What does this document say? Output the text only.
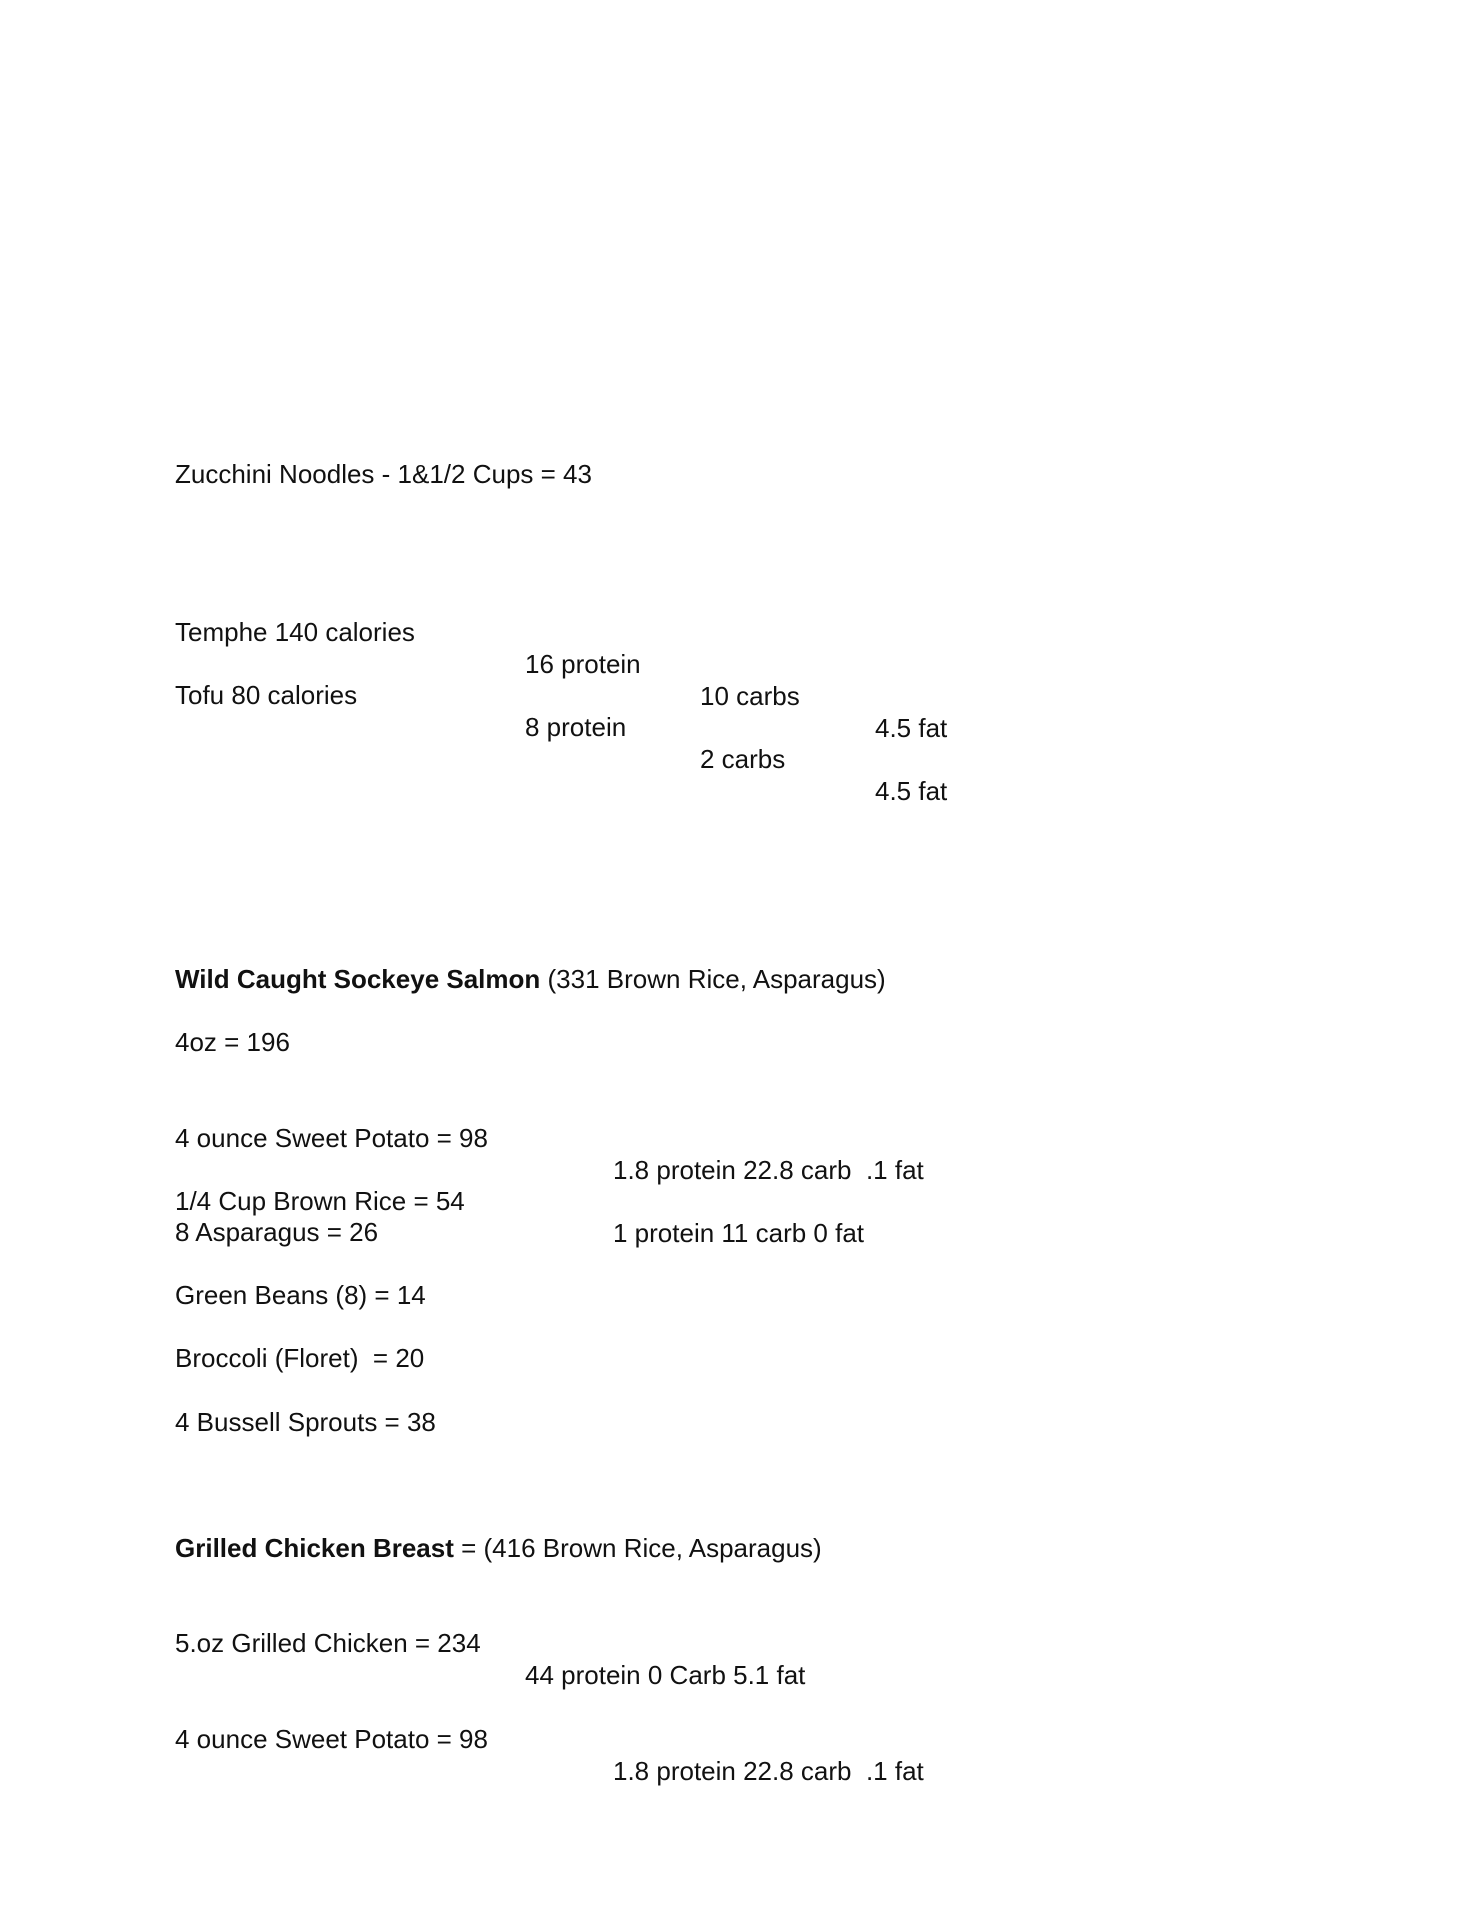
Zucchini Noodles - 1&1/2 Cups = 43

Temphe 140 calories

16 protein

10 carbs

4.5 fat

Tofu 80 calories

8 protein

2 carbs

4.5 fat

Wild Caught Sockeye Salmon (331 Brown Rice, Asparagus)
4oz = 196

4 ounce Sweet Potato = 98

1.8 protein 22.8 carb  .1 fat

1/4 Cup Brown Rice = 54

1 protein 11 carb 0 fat

8 Asparagus = 26
Green Beans (8) = 14
Broccoli (Floret)  = 20
4 Bussell Sprouts = 38
Grilled Chicken Breast = (416 Brown Rice, Asparagus)

5.oz Grilled Chicken = 234

44 protein 0 Carb 5.1 fat

4 ounce Sweet Potato = 98

1.8 protein 22.8 carb  .1 fat
